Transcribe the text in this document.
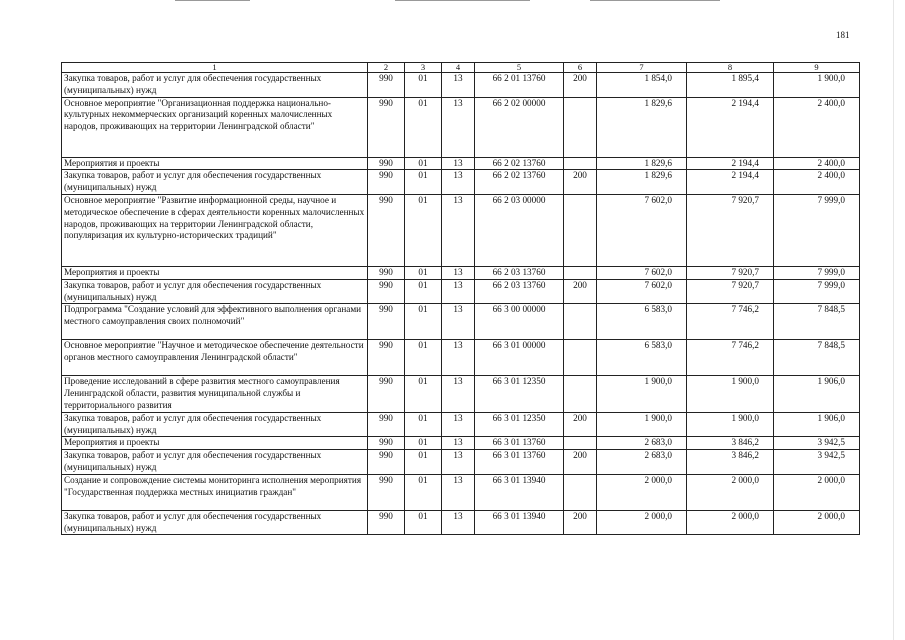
181
1	2	3	4	5	6	7	8	9
Закупка товаров, работ и услуг для обеспечения государственных (муниципальных) нужд	990	01	13	66 2 01 13760	200	1 854,0	1 895,4	1 900,0
Основное мероприятие "Организационная поддержка национально-культурных некоммерческих организаций коренных малочисленных народов, проживающих на территории Ленинградской области"	990	01	13	66 2 02 00000		1 829,6	2 194,4	2 400,0
Мероприятия и проекты	990	01	13	66 2 02 13760		1 829,6	2 194,4	2 400,0
Закупка товаров, работ и услуг для обеспечения государственных (муниципальных) нужд	990	01	13	66 2 02 13760	200	1 829,6	2 194,4	2 400,0
Основное мероприятие "Развитие информационной среды, научное и методическое обеспечение в сферах деятельности коренных малочисленных народов, проживающих на территории Ленинградской области, популяризация их культурно-исторических традиций"	990	01	13	66 2 03 00000		7 602,0	7 920,7	7 999,0
Мероприятия и проекты	990	01	13	66 2 03 13760		7 602,0	7 920,7	7 999,0
Закупка товаров, работ и услуг для обеспечения государственных (муниципальных) нужд	990	01	13	66 2 03 13760	200	7 602,0	7 920,7	7 999,0
Подпрограмма "Создание условий для эффективного выполнения органами местного самоуправления своих полномочий"	990	01	13	66 3 00 00000		6 583,0	7 746,2	7 848,5
Основное мероприятие "Научное и методическое обеспечение деятельности органов местного самоуправления Ленинградской области"	990	01	13	66 3 01 00000		6 583,0	7 746,2	7 848,5
Проведение исследований в сфере развития местного самоуправления Ленинградской области, развития муниципальной службы и территориального развития	990	01	13	66 3 01 12350		1 900,0	1 900,0	1 906,0
Закупка товаров, работ и услуг для обеспечения государственных (муниципальных) нужд	990	01	13	66 3 01 12350	200	1 900,0	1 900,0	1 906,0
Мероприятия и проекты	990	01	13	66 3 01 13760		2 683,0	3 846,2	3 942,5
Закупка товаров, работ и услуг для обеспечения государственных (муниципальных) нужд	990	01	13	66 3 01 13760	200	2 683,0	3 846,2	3 942,5
Создание и сопровождение системы мониторинга исполнения мероприятия "Государственная поддержка местных инициатив граждан"	990	01	13	66 3 01 13940		2 000,0	2 000,0	2 000,0
Закупка товаров, работ и услуг для обеспечения государственных (муниципальных) нужд	990	01	13	66 3 01 13940	200	2 000,0	2 000,0	2 000,0
